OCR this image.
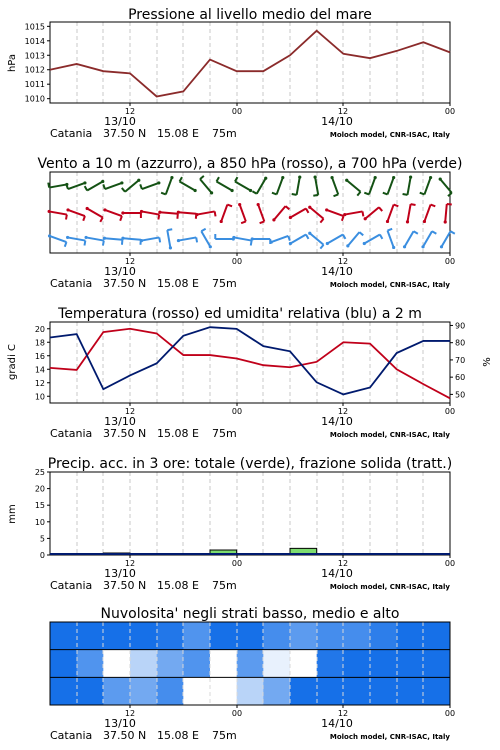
Pressione al livello medio del mare
Vento a 10 m (azzurro), a 850 hPa (rosso), a 700 hPa (verde)
Temperatura (rosso) ed umidita' relativa (blu) a 2 m
Precip. acc. in 3 ore: totale (verde), frazione solida (tratt.)
Nuvolosita' negli strati basso, medio e alto
hPa
gradi C	%
mm
12	00	12	00
13/10	14/10
Catania 37.50 N 15.08 E 75m	Moloch model, CNR-ISAC, Italy
1010
1011
1012
1013
1014
1015
12	00	12	00
13/10	14/10
Catania 37.50 N 15.08 E 75m	Moloch model, CNR-ISAC, Italy
12	00	12	00
13/10	14/10
Catania 37.50 N 15.08 E 75m	Moloch model, CNR-ISAC, Italy
10
12
14
16
18
20
50
60
70
80
90
12	00	12	00
13/10	14/10
Catania 37.50 N 15.08 E 75m	Moloch model, CNR-ISAC, Italy
0
5
10
15
20
25
12	00	12	00
13/10	14/10
Catania 37.50 N 15.08 E 75m	Moloch model, CNR-ISAC, Italy
